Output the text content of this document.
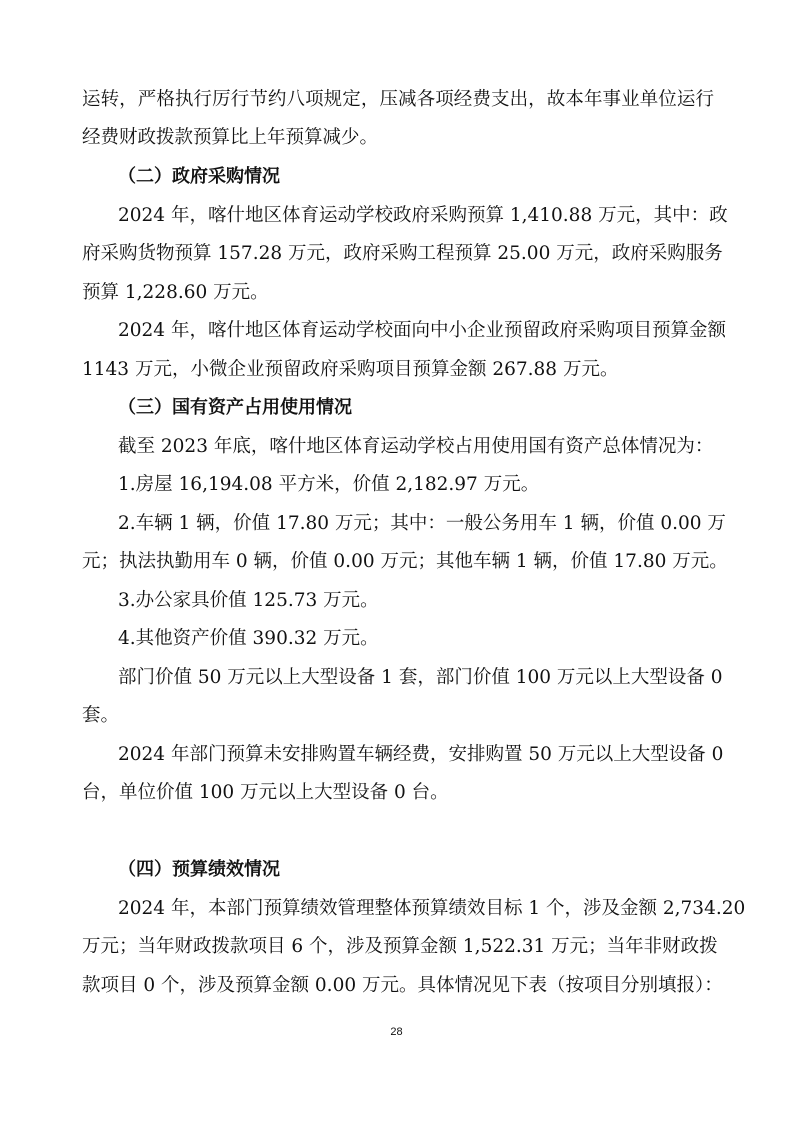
运转，严格执行厉行节约八项规定，压减各项经费支出，故本年事业单位运行
经费财政拨款预算比上年预算减少。
（二）政府采购情况
2024 年，喀什地区体育运动学校政府采购预算 1,410.88 万元，其中：政
府采购货物预算 157.28 万元，政府采购工程预算 25.00 万元，政府采购服务
预算 1,228.60 万元。
2024 年，喀什地区体育运动学校面向中小企业预留政府采购项目预算金额
1143 万元，小微企业预留政府采购项目预算金额 267.88 万元。
（三）国有资产占用使用情况
截至 2023 年底，喀什地区体育运动学校占用使用国有资产总体情况为：
1.房屋 16,194.08 平方米，价值 2,182.97 万元。
2.车辆 1 辆，价值 17.80 万元；其中：一般公务用车 1 辆，价值 0.00 万
元；执法执勤用车 0 辆，价值 0.00 万元；其他车辆 1 辆，价值 17.80 万元。
3.办公家具价值 125.73 万元。
4.其他资产价值 390.32 万元。
部门价值 50 万元以上大型设备 1 套，部门价值 100 万元以上大型设备 0
套。
2024 年部门预算未安排购置车辆经费，安排购置 50 万元以上大型设备 0
台，单位价值 100 万元以上大型设备 0 台。
（四）预算绩效情况
2024 年，本部门预算绩效管理整体预算绩效目标 1 个，涉及金额 2,734.20
万元；当年财政拨款项目 6 个，涉及预算金额 1,522.31 万元；当年非财政拨
款项目 0 个，涉及预算金额 0.00 万元。具体情况见下表（按项目分别填报）：
28
